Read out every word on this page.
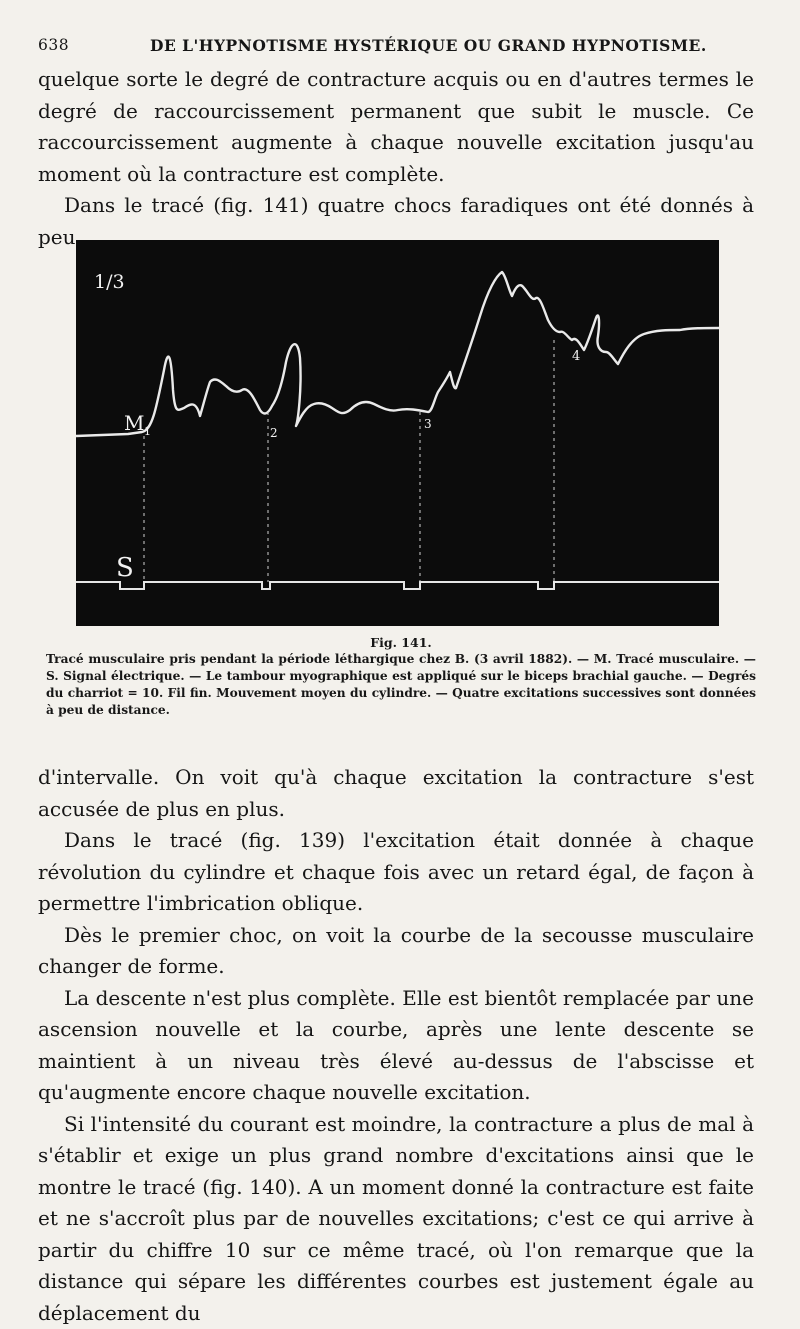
638	DE L'HYPNOTISME HYSTÉRIQUE OU GRAND HYPNOTISME.

quelque sorte le degré de contracture acquis ou en d'autres termes le degré de raccourcissement permanent que subit le muscle. Ce raccourcissement augmente à chaque nouvelle excitation jusqu'au moment où la contracture est complète.

Dans le tracé (fig. 141) quatre chocs faradiques ont été donnés à peu

1/3
M 1	2
3
4
S
Fig. 141.
Tracé musculaire pris pendant la période léthargique chez B. (3 avril 1882). — M. Tracé musculaire. — S. Signal électrique. — Le tambour myographique est appliqué sur le biceps brachial gauche. — Degrés du charriot = 10. Fil fin. Mouvement moyen du cylindre. — Quatre excitations successives sont données à peu de distance.

d'intervalle. On voit qu'à chaque excitation la contracture s'est accusée de plus en plus.

Dans le tracé (fig. 139) l'excitation était donnée à chaque révolution du cylindre et chaque fois avec un retard égal, de façon à permettre l'imbrication oblique.

Dès le premier choc, on voit la courbe de la secousse musculaire changer de forme.

La descente n'est plus complète. Elle est bientôt remplacée par une ascension nouvelle et la courbe, après une lente descente se maintient à un niveau très élevé au-dessus de l'abscisse et qu'augmente encore chaque nouvelle excitation.

Si l'intensité du courant est moindre, la contracture a plus de mal à s'établir et exige un plus grand nombre d'excitations ainsi que le montre le tracé (fig. 140). A un moment donné la contracture est faite et ne s'accroît plus par de nouvelles excitations; c'est ce qui arrive à partir du chiffre 10 sur ce même tracé, où l'on remarque que la distance qui sépare les différentes courbes est justement égale au déplacement du
